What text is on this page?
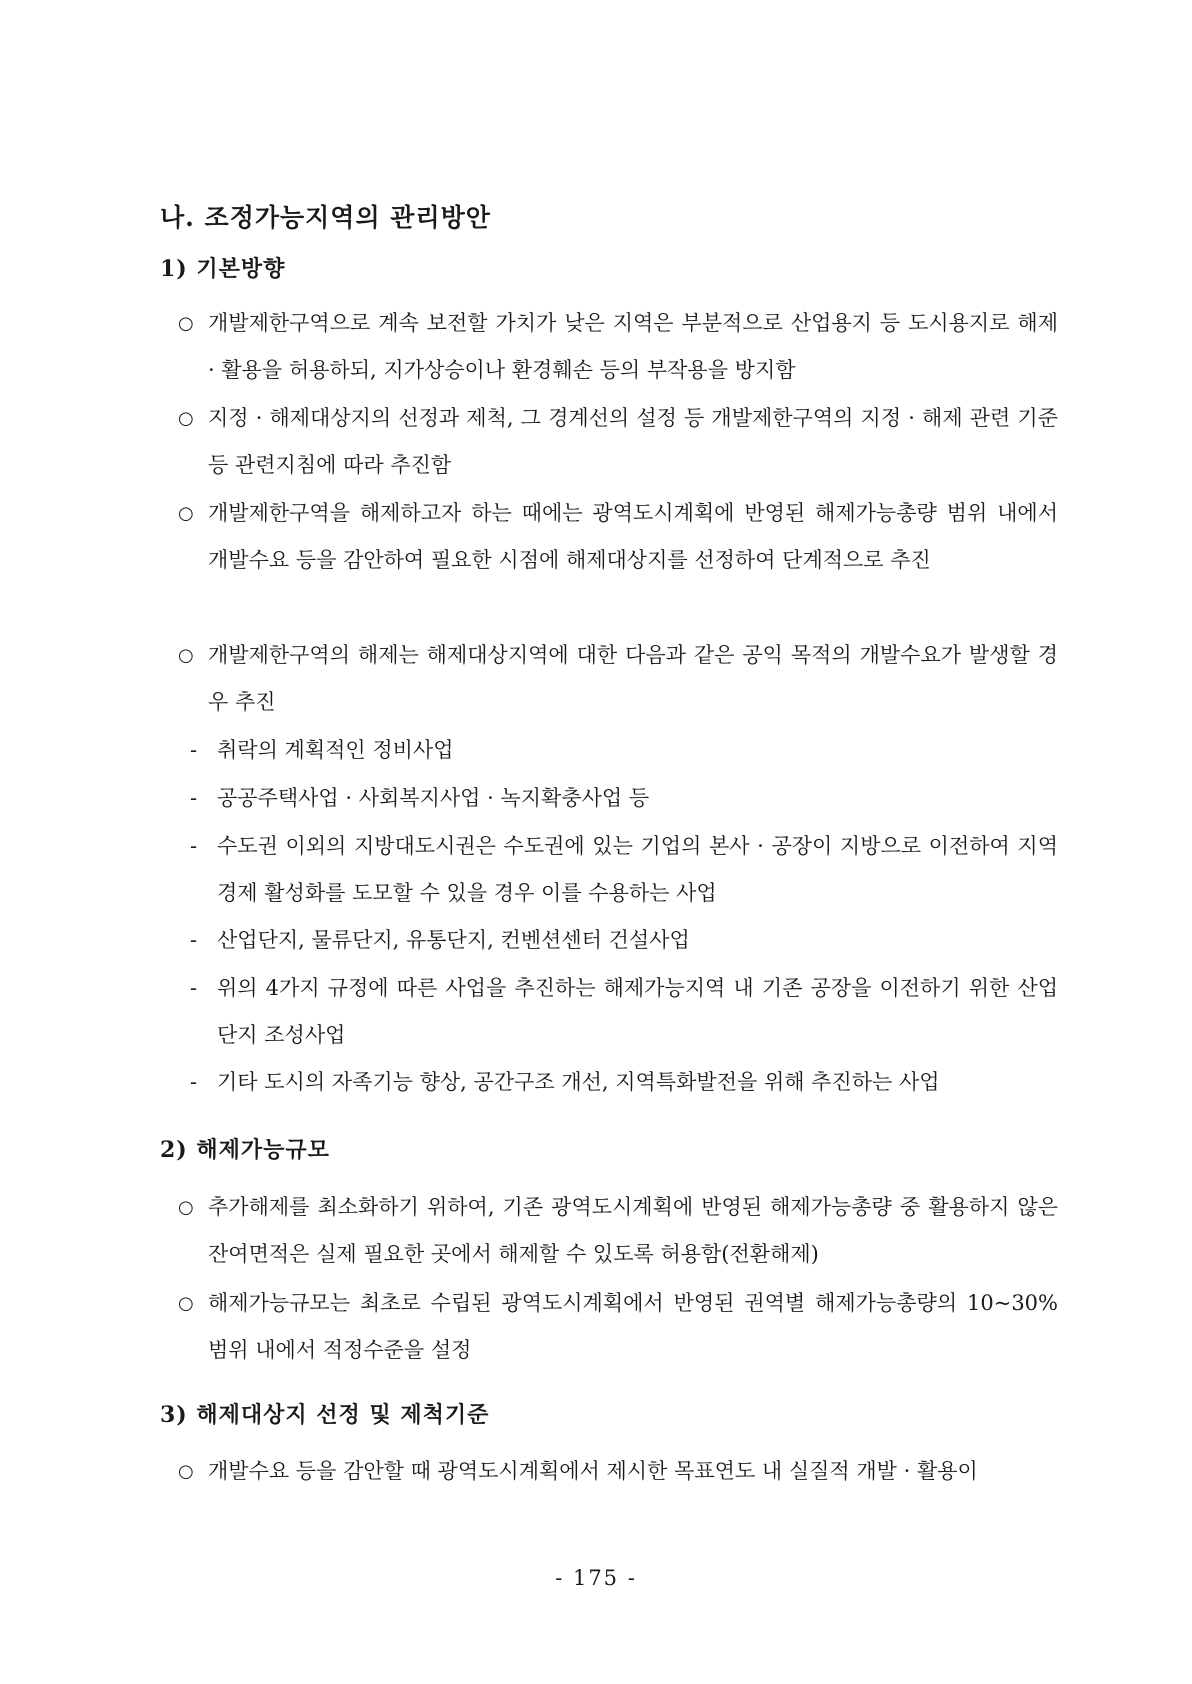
나. 조정가능지역의 관리방안
1) 기본방향
○ 개발제한구역으로 계속 보전할 가치가 낮은 지역은 부분적으로 산업용지 등 도시용지로 해제 · 활용을 허용하되, 지가상승이나 환경훼손 등의 부작용을 방지함
○ 지정 · 해제대상지의 선정과 제척, 그 경계선의 설정 등 개발제한구역의 지정 · 해제 관련 기준 등 관련지침에 따라 추진함
○ 개발제한구역을 해제하고자 하는 때에는 광역도시계획에 반영된 해제가능총량 범위 내에서 개발수요 등을 감안하여 필요한 시점에 해제대상지를 선정하여 단계적으로 추진
○ 개발제한구역의 해제는 해제대상지역에 대한 다음과 같은 공익 목적의 개발수요가 발생할 경우 추진
- 취락의 계획적인 정비사업
- 공공주택사업 · 사회복지사업 · 녹지확충사업 등
- 수도권 이외의 지방대도시권은 수도권에 있는 기업의 본사 · 공장이 지방으로 이전하여 지역경제 활성화를 도모할 수 있을 경우 이를 수용하는 사업
- 산업단지, 물류단지, 유통단지, 컨벤션센터 건설사업
- 위의 4가지 규정에 따른 사업을 추진하는 해제가능지역 내 기존 공장을 이전하기 위한 산업단지 조성사업
- 기타 도시의 자족기능 향상, 공간구조 개선, 지역특화발전을 위해 추진하는 사업
2) 해제가능규모
○ 추가해제를 최소화하기 위하여, 기존 광역도시계획에 반영된 해제가능총량 중 활용하지 않은 잔여면적은 실제 필요한 곳에서 해제할 수 있도록 허용함(전환해제)
○ 해제가능규모는 최초로 수립된 광역도시계획에서 반영된 권역별 해제가능총량의 10~30% 범위 내에서 적정수준을 설정
3) 해제대상지 선정 및 제척기준
○ 개발수요 등을 감안할 때 광역도시계획에서 제시한 목표연도 내 실질적 개발 · 활용이
- 175 -
